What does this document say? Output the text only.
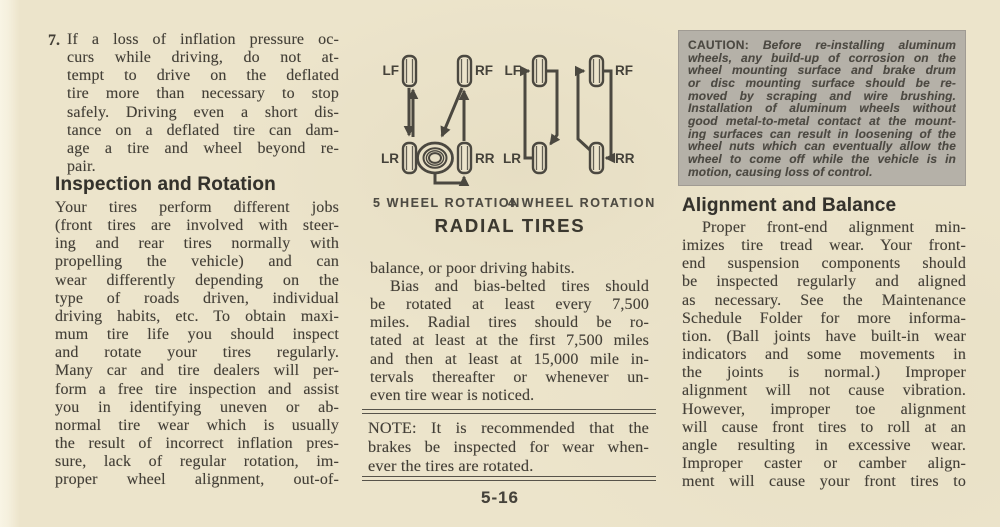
7. If a loss of inflation pressure oc-
curs while driving, do not at-
tempt to drive on the deflated
tire more than necessary to stop
safely. Driving even a short dis-
tance on a deflated tire can dam-
age a tire and wheel beyond re-
pair.
Inspection and Rotation
Your tires perform different jobs
(front tires are involved with steer-
ing and rear tires normally with
propelling the vehicle) and can
wear differently depending on the
type of roads driven, individual
driving habits, etc. To obtain maxi-
mum tire life you should inspect
and rotate your tires regularly.
Many car and tire dealers will per-
form a free tire inspection and assist
you in identifying uneven or ab-
normal tire wear which is usually
the result of incorrect inflation pres-
sure, lack of regular rotation, im-
proper wheel alignment, out-of-
LF	RF
LR	RR
LF	RF
LR	RR
5 WHEEL ROTATION
4 WHEEL ROTATION
RADIAL TIRES
balance, or poor driving habits.
Bias and bias-belted tires should
be rotated at least every 7,500
miles. Radial tires should be ro-
tated at least at the first 7,500 miles
and then at least at 15,000 mile in-
tervals thereafter or whenever un-
even tire wear is noticed.
NOTE: It is recommended that the
brakes be inspected for wear when-
ever the tires are rotated.
CAUTION: Before re-installing aluminum
wheels, any build-up of corrosion on the
wheel mounting surface and brake drum
or disc mounting surface should be re-
moved by scraping and wire brushing.
Installation of aluminum wheels without
good metal-to-metal contact at the mount-
ing surfaces can result in loosening of the
wheel nuts which can eventually allow the
wheel to come off while the vehicle is in
motion, causing loss of control.
Alignment and Balance
Proper front-end alignment min-
imizes tire tread wear. Your front-
end suspension components should
be inspected regularly and aligned
as necessary. See the Maintenance
Schedule Folder for more informa-
tion. (Ball joints have built-in wear
indicators and some movements in
the joints is normal.) Improper
alignment will not cause vibration.
However, improper toe alignment
will cause front tires to roll at an
angle resulting in excessive wear.
Improper caster or camber align-
ment will cause your front tires to
5-16
